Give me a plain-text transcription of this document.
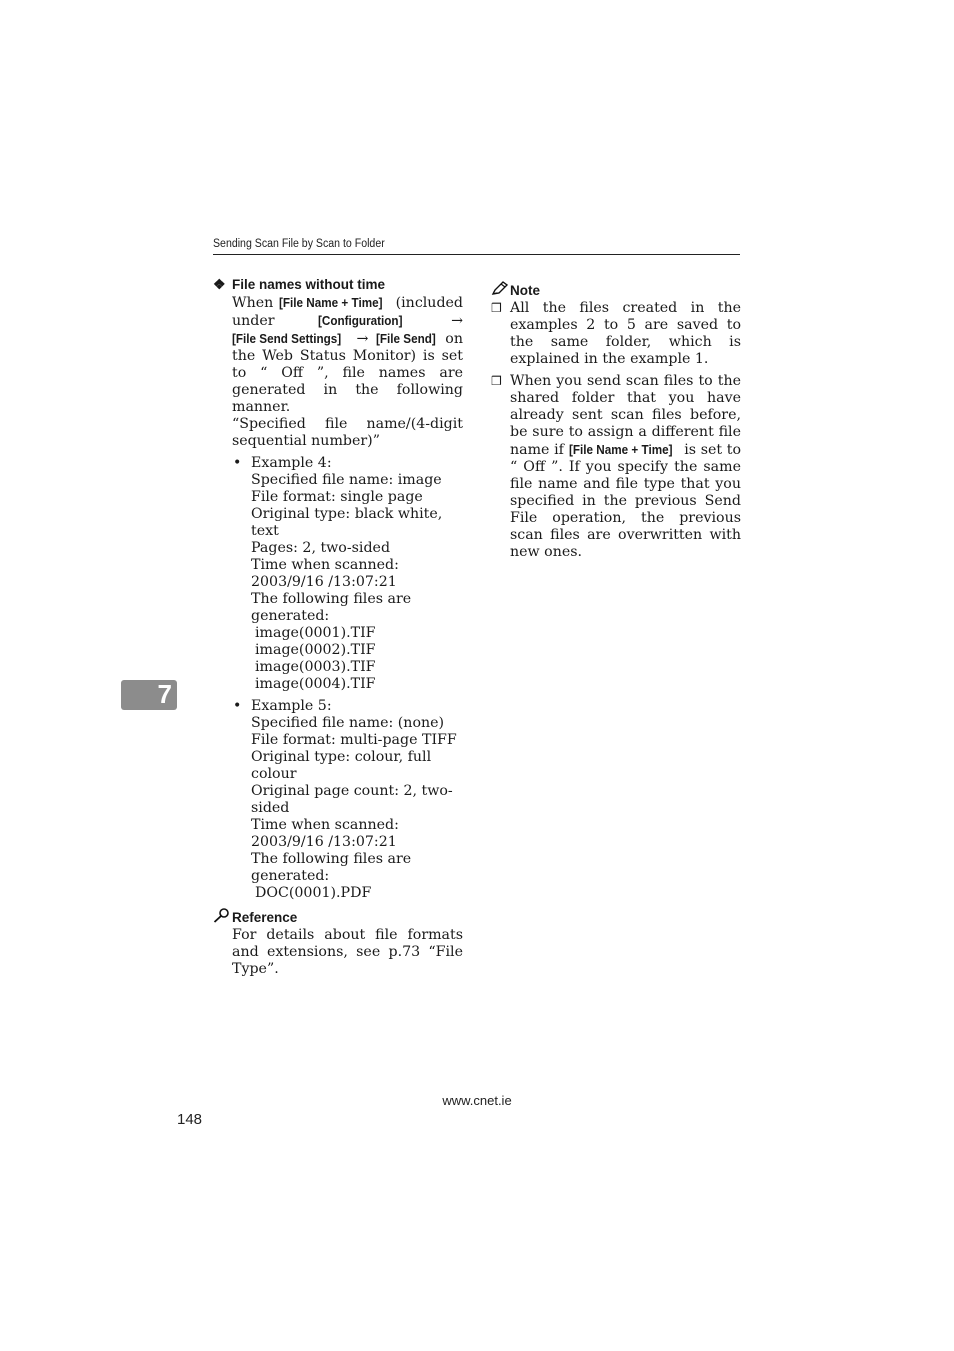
Sending Scan File by Scan to Folder
7
❖ File names without time

When [File Name + Time] (included under [Configuration] → [File Send Settings] → [File Send] on the Web Status Monitor) is set to “ Off ”, file names are generated in the following manner.

“Specified file name/(4-digit sequential number)”

• Example 4:
Specified file name: image
File format: single page
Original type: black white, text
Pages: 2, two-sided
Time when scanned: 2003/9/16 /13:07:21
The following files are generated:
image(0001).TIF
image(0002).TIF
image(0003).TIF
image(0004).TIF
• Example 5:
Specified file name: (none)
File format: multi-page TIFF
Original type: colour, full colour
Original page count: 2, two-sided
Time when scanned: 2003/9/16 /13:07:21
The following files are generated:
DOC(0001).PDF
Reference

For details about file formats and extensions, see p.73 “File Type”.

Note
❒ All the files created in the examples 2 to 5 are saved to the same folder, which is explained in the example 1.
❒ When you send scan files to the shared folder that you have already sent scan files before, be sure to assign a different file name if [File Name + Time] is set to “ Off ”. If you specify the same file name and file type that you specified in the previous Send File operation, the previous scan files are overwritten with new ones.
www.cnet.ie
148
